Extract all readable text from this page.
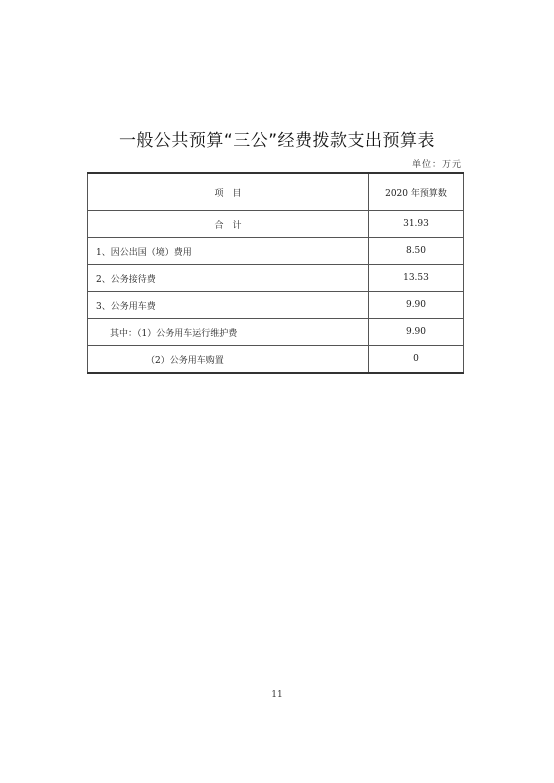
一般公共预算“三公”经费拨款支出预算表
单位：万元
项　目	2020 年预算数
合　计	31.93
1、因公出国（境）费用	8.50
2、公务接待费	13.53
3、公务用车费	9.90
其中：（1）公务用车运行维护费	9.90
（2）公务用车购置	0
11
